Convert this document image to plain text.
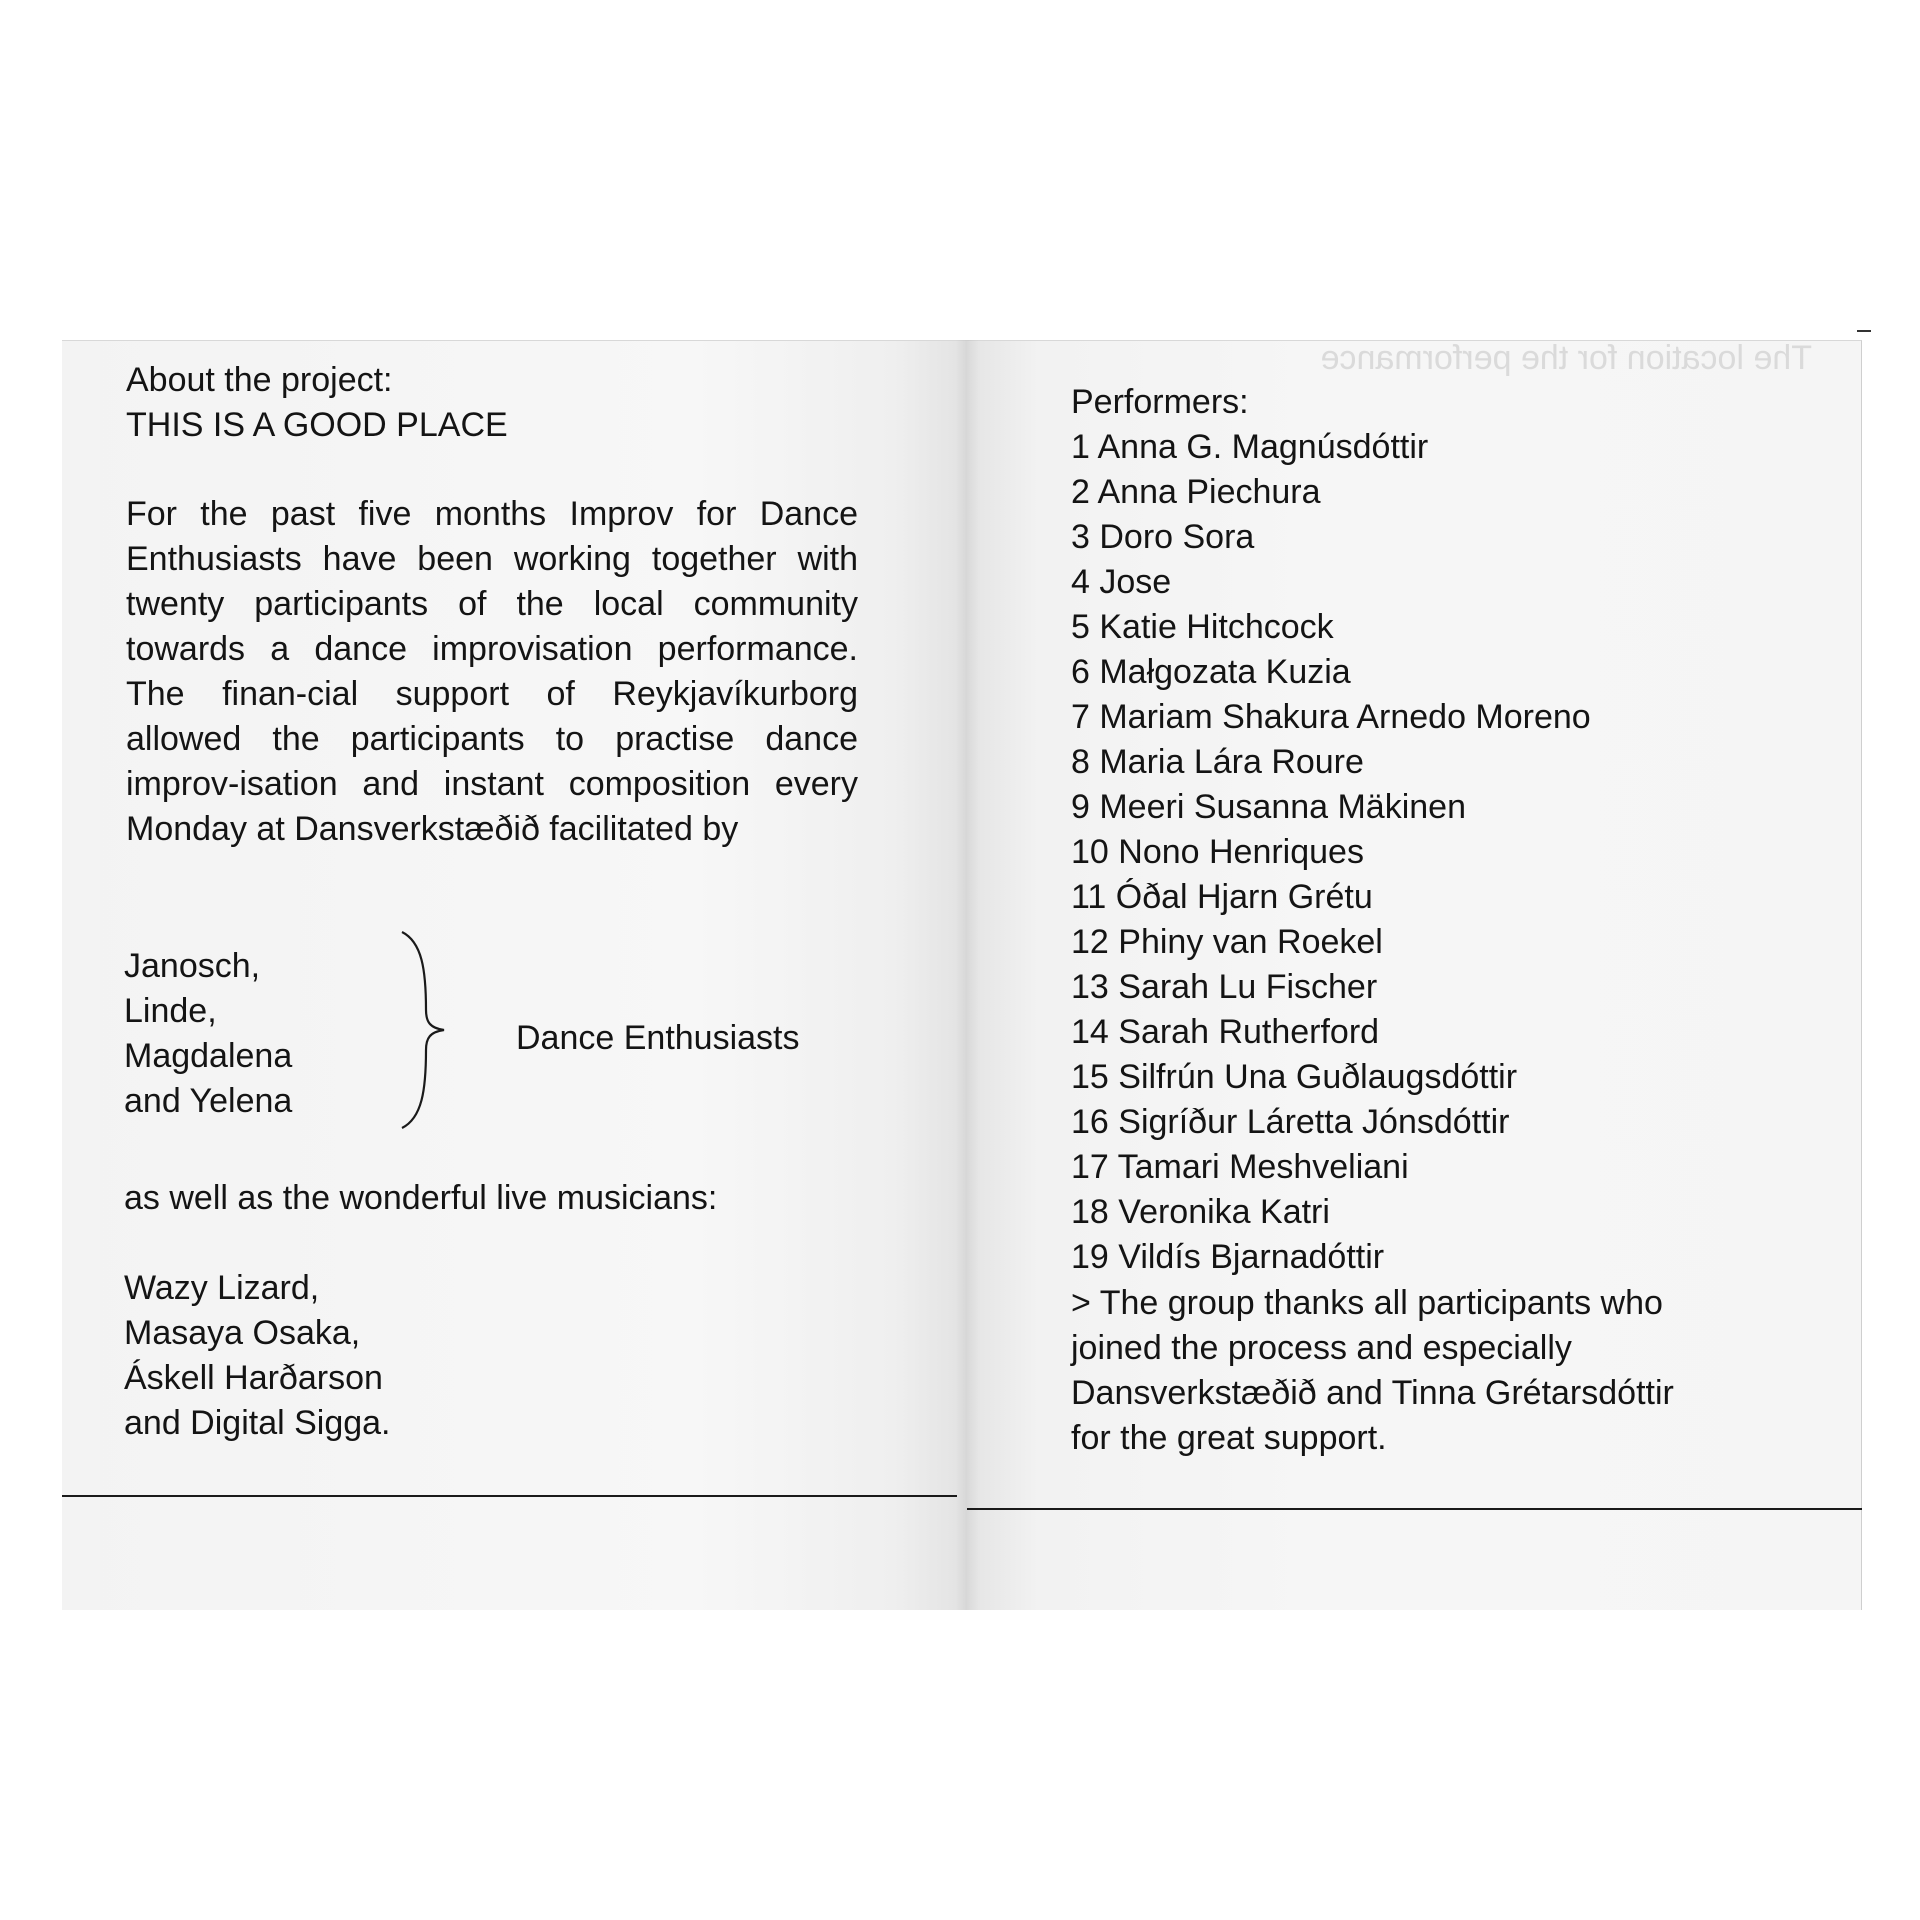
The location for the performance
About the project:
THIS IS A GOOD PLACE

For the past five months Improv for Dance Enthusiasts have been working together with twenty participants of the local community towards a dance improvisation performance. The finan-cial support of Reykjavíkurborg allowed the participants to practise dance improv-isation and instant composition every Monday at Dansverkstæðið facilitated by

Janosch,
Linde,
Magdalena
and Yelena
Dance Enthusiasts
as well as the wonderful live musicians:
Wazy Lizard,
Masaya Osaka,
Áskell Harðarson
and Digital Sigga.
Performers:
1 Anna G. Magnúsdóttir
2 Anna Piechura
3 Doro Sora
4 Jose
5 Katie Hitchcock
6 Małgozata Kuzia
7 Mariam Shakura Arnedo Moreno
8 Maria Lára Roure
9 Meeri Susanna Mäkinen
10 Nono Henriques
11 Óðal Hjarn Grétu
12 Phiny van Roekel
13 Sarah Lu Fischer
14 Sarah Rutherford
15 Silfrún Una Guðlaugsdóttir
16 Sigríður Láretta Jónsdóttir
17 Tamari Meshveliani
18 Veronika Katri
19 Vildís Bjarnadóttir
> The group thanks all participants who
joined the process and especially
Dansverkstæðið and Tinna Grétarsdóttir
for the great support.
